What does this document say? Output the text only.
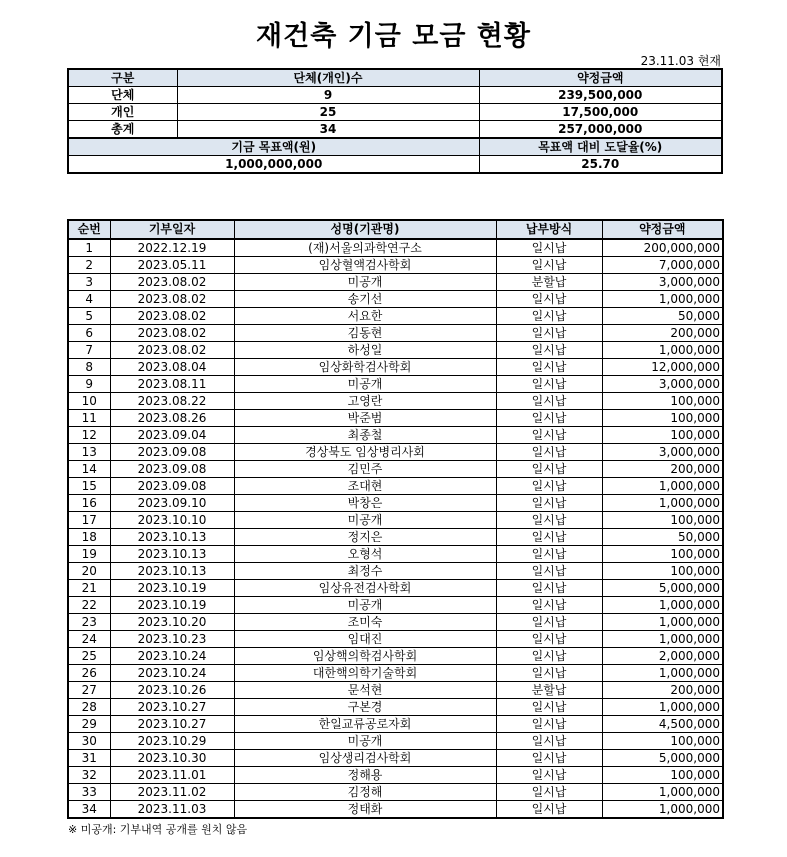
재건축 기금 모금 현황
23.11.03 현재
구분	단체(개인)수	약정금액
단체	9	239,500,000
개인	25	17,500,000
총계	34	257,000,000
기금 목표액(원)		목표액 대비 도달율(%)
1,000,000,000		25.70
순번	기부일자	성명(기관명)	납부방식	약정금액
1	2022.12.19	(재)서울의과학연구소	일시납	200,000,000
2	2023.05.11	임상혈액검사학회	일시납	7,000,000
3	2023.08.02	미공개	분할납	3,000,000
4	2023.08.02	송기선	일시납	1,000,000
5	2023.08.02	서요한	일시납	50,000
6	2023.08.02	김동현	일시납	200,000
7	2023.08.02	하성일	일시납	1,000,000
8	2023.08.04	임상화학검사학회	일시납	12,000,000
9	2023.08.11	미공개	일시납	3,000,000
10	2023.08.22	고영란	일시납	100,000
11	2023.08.26	박준범	일시납	100,000
12	2023.09.04	최종철	일시납	100,000
13	2023.09.08	경상북도 임상병리사회	일시납	3,000,000
14	2023.09.08	김민주	일시납	200,000
15	2023.09.08	조대현	일시납	1,000,000
16	2023.09.10	박창은	일시납	1,000,000
17	2023.10.10	미공개	일시납	100,000
18	2023.10.13	정지은	일시납	50,000
19	2023.10.13	오형석	일시납	100,000
20	2023.10.13	최정수	일시납	100,000
21	2023.10.19	임상유전검사학회	일시납	5,000,000
22	2023.10.19	미공개	일시납	1,000,000
23	2023.10.20	조미숙	일시납	1,000,000
24	2023.10.23	임대진	일시납	1,000,000
25	2023.10.24	임상핵의학검사학회	일시납	2,000,000
26	2023.10.24	대한핵의학기술학회	일시납	1,000,000
27	2023.10.26	문석현	분할납	200,000
28	2023.10.27	구본경	일시납	1,000,000
29	2023.10.27	한일교류공로자회	일시납	4,500,000
30	2023.10.29	미공개	일시납	100,000
31	2023.10.30	임상생리검사학회	일시납	5,000,000
32	2023.11.01	정해용	일시납	100,000
33	2023.11.02	김정해	일시납	1,000,000
34	2023.11.03	정태화	일시납	1,000,000
※ 미공개: 기부내역 공개를 원치 않음
